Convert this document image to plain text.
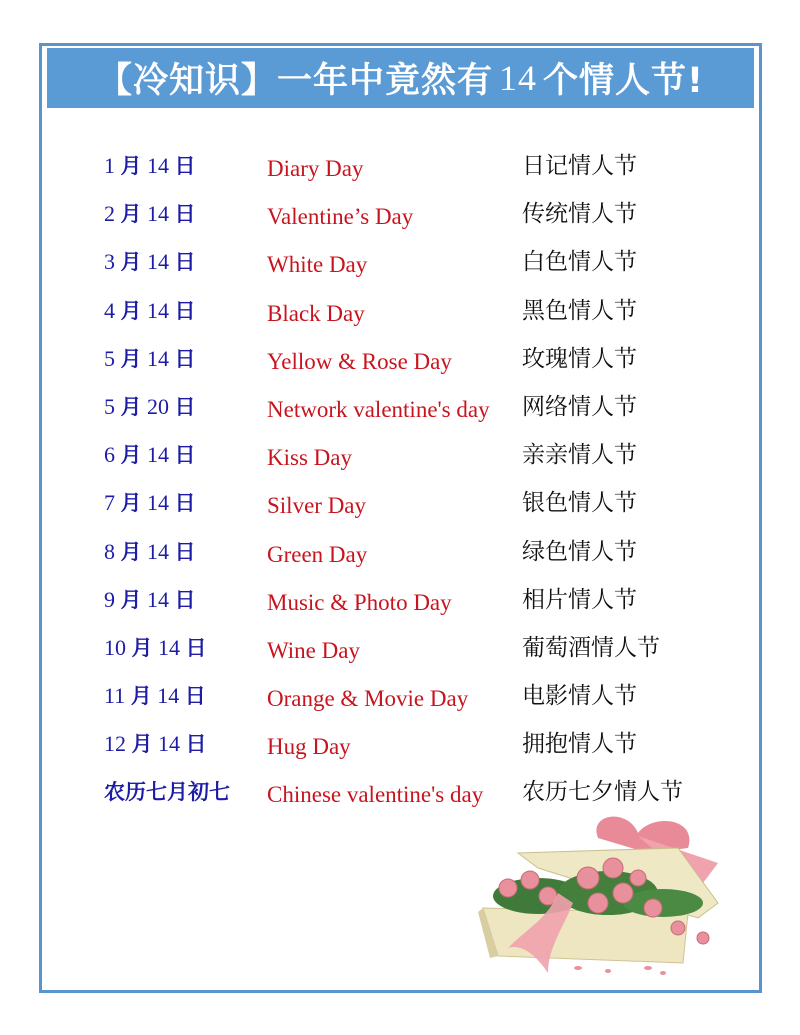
【冷知识】一年中竟然有 14 个情人节!
1 月 14 日	Diary Day	日记情人节
2 月 14 日	Valentine’s Day	传统情人节
3 月 14 日	White Day	白色情人节
4 月 14 日	Black Day	黑色情人节
5 月 14 日	Yellow & Rose Day	玫瑰情人节
5 月 20 日	Network valentine's day 网络情人节
6 月 14 日	Kiss Day	亲亲情人节
7 月 14 日	Silver Day	银色情人节
8 月 14 日	Green Day	绿色情人节
9 月 14 日	Music & Photo Day	相片情人节
10 月 14 日	Wine Day	葡萄酒情人节
11 月 14 日	Orange & Movie Day 电影情人节
12 月 14 日	Hug Day	拥抱情人节
农历七月初七 Chinese valentine's day 农历七夕情人节
